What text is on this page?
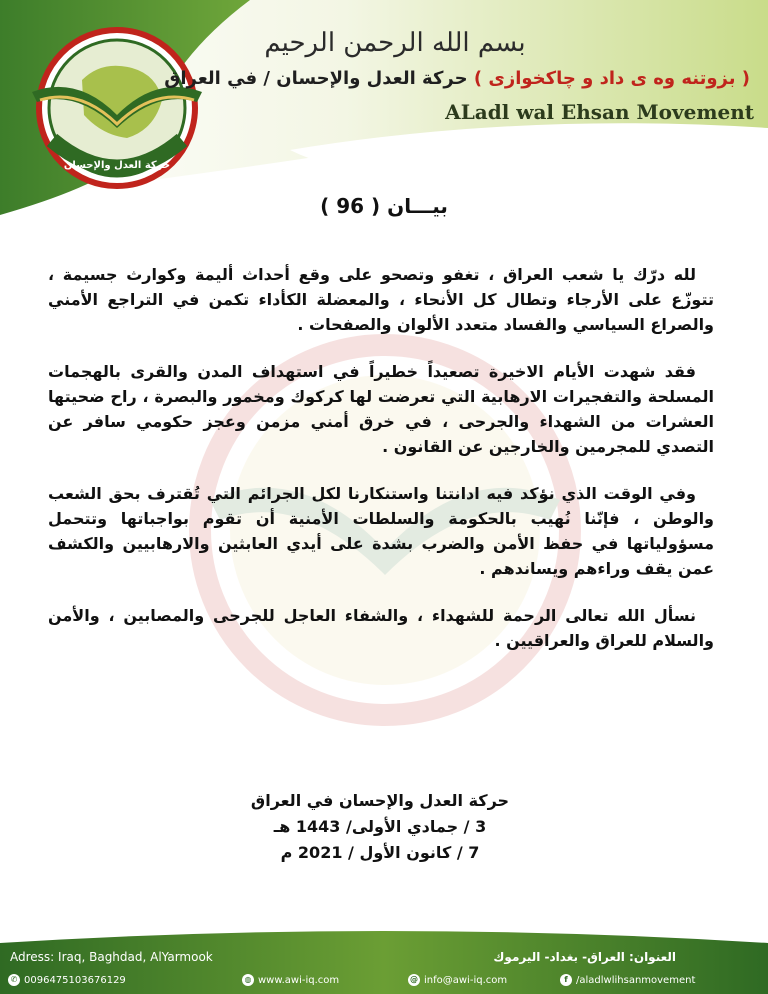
حركة العدل والإحسان
بسم الله الرحمن الرحيم
( بزوتنه وه ى داد و چاكخوازى ) حركة العدل والإحسان / في العراق
ALadl wal Ehsan Movement
بيـــان ( 96 )

لله درّك يا شعب العراق ، تغفو وتصحو على وقع أحداث أليمة وكوارث جسيمة ، تتوزّع على الأرجاء وتطال كل الأنحاء ، والمعضلة الكأداء تكمن في التراجع الأمني والصراع السياسي والفساد متعدد الألوان والصفحات .

فقد شهدت الأيام الاخيرة تصعيداً خطيراً في استهداف المدن والقرى بالهجمات المسلحة والتفجيرات الارهابية التي تعرضت لها كركوك ومخمور والبصرة ، راح ضحيتها العشرات من الشهداء والجرحى ، في خرق أمني مزمن وعجز حكومي سافر عن التصدي للمجرمين والخارجين عن القانون .

وفي الوقت الذي نؤكد فيه ادانتنا واستنكارنا لكل الجرائم التي تُقترف بحق الشعب والوطن ، فإنّنا نُهيب بالحكومة والسلطات الأمنية أن تقوم بواجباتها وتتحمل مسؤولياتها في حفظ الأمن والضرب بشدة على أيدي العابثين والارهابيين والكشف عمن يقف وراءهم ويساندهم .

نسأل الله تعالى الرحمة للشهداء ، والشفاء العاجل للجرحى والمصابين ، والأمن والسلام للعراق والعراقيين .

حركة العدل والإحسان في العراق
3 / جمادي الأولى/ 1443 هـ
7 / كانون الأول / 2021 م
Adress: Iraq, Baghdad, AlYarmook	العنوان: العراق- بغداد- اليرموك
✆ 009647510367612​9	◍ www.awi-iq.com	@ info@awi-iq.com	f /aladlwlihsanmovement
